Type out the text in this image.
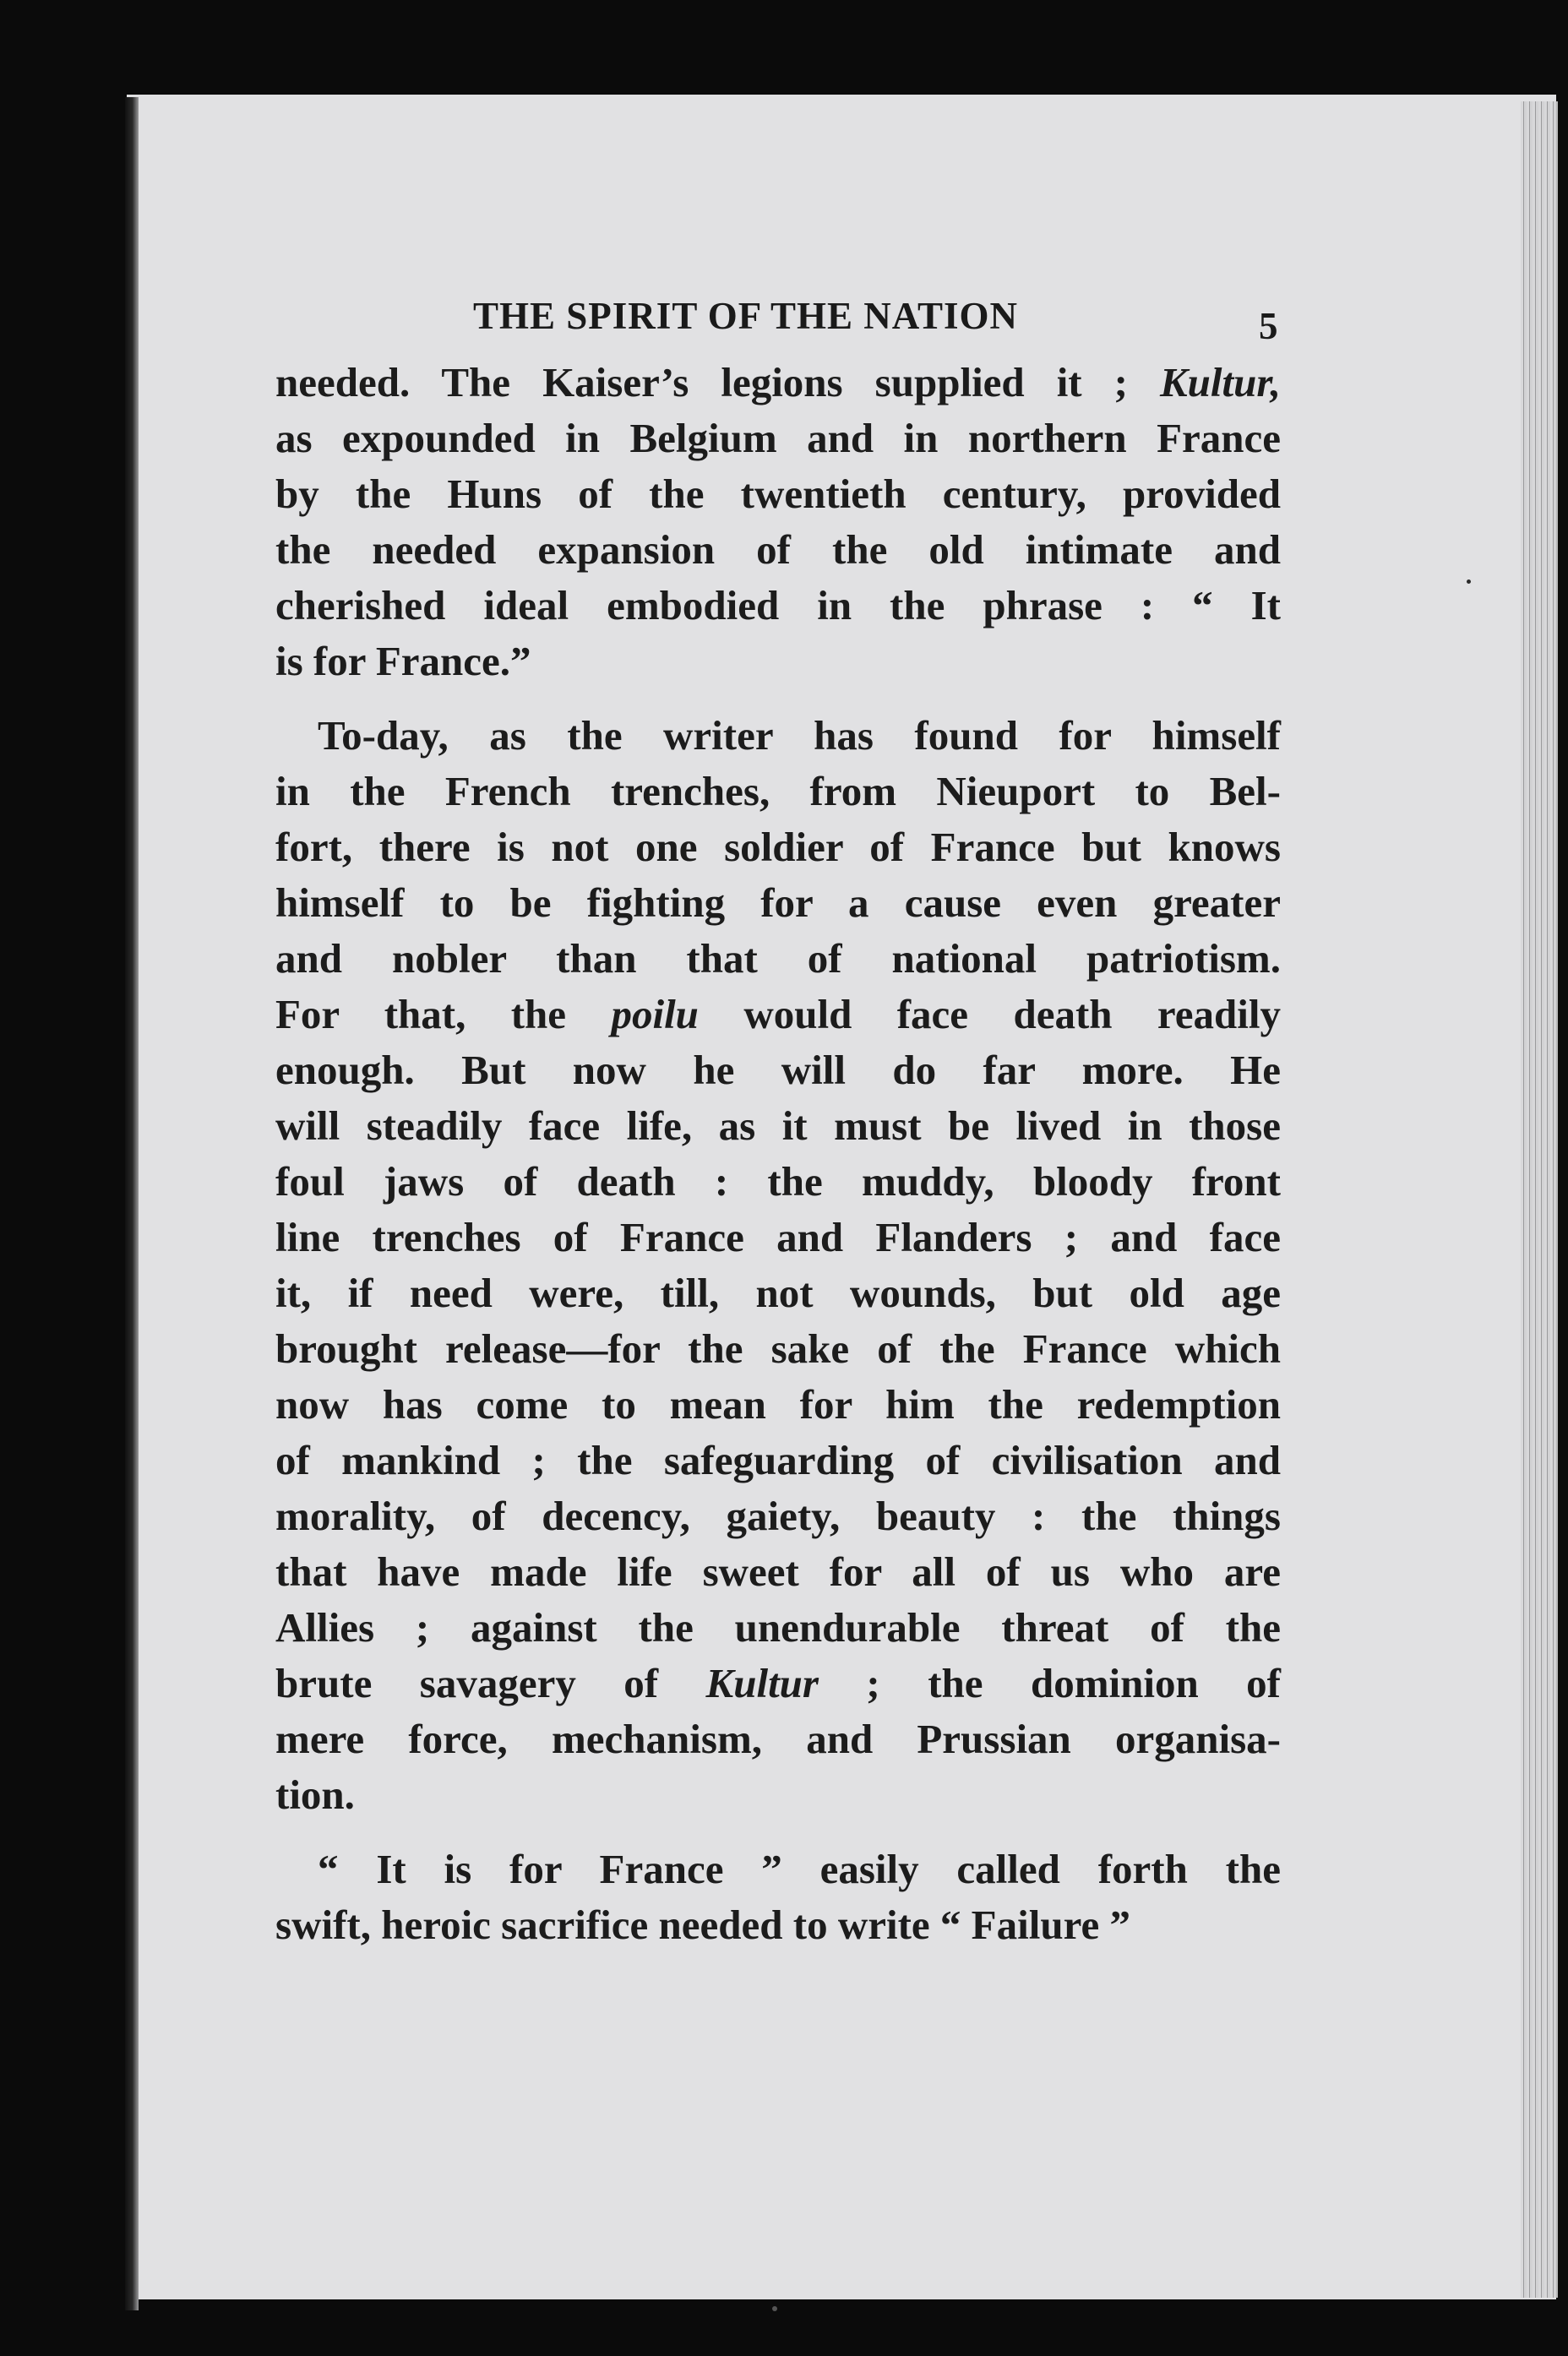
THE SPIRIT OF THE NATION	5
needed. The Kaiser’s legions supplied it ; Kultur,
as expounded in Belgium and in northern France
by the Huns of the twentieth century, provided
the needed expansion of the old intimate and
cherished ideal embodied in the phrase : “ It
is for France.”
To-day, as the writer has found for himself
in the French trenches, from Nieuport to Bel-
fort, there is not one soldier of France but knows
himself to be fighting for a cause even greater
and nobler than that of national patriotism.
For that, the poilu would face death readily
enough. But now he will do far more. He
will steadily face life, as it must be lived in those
foul jaws of death : the muddy, bloody front
line trenches of France and Flanders ; and face
it, if need were, till, not wounds, but old age
brought release—for the sake of the France which
now has come to mean for him the redemption
of mankind ; the safeguarding of civilisation and
morality, of decency, gaiety, beauty : the things
that have made life sweet for all of us who are
Allies ; against the unendurable threat of the
brute savagery of Kultur ; the dominion of
mere force, mechanism, and Prussian organisa-
tion.
“ It is for France ” easily called forth the
swift, heroic sacrifice needed to write “ Failure ”
